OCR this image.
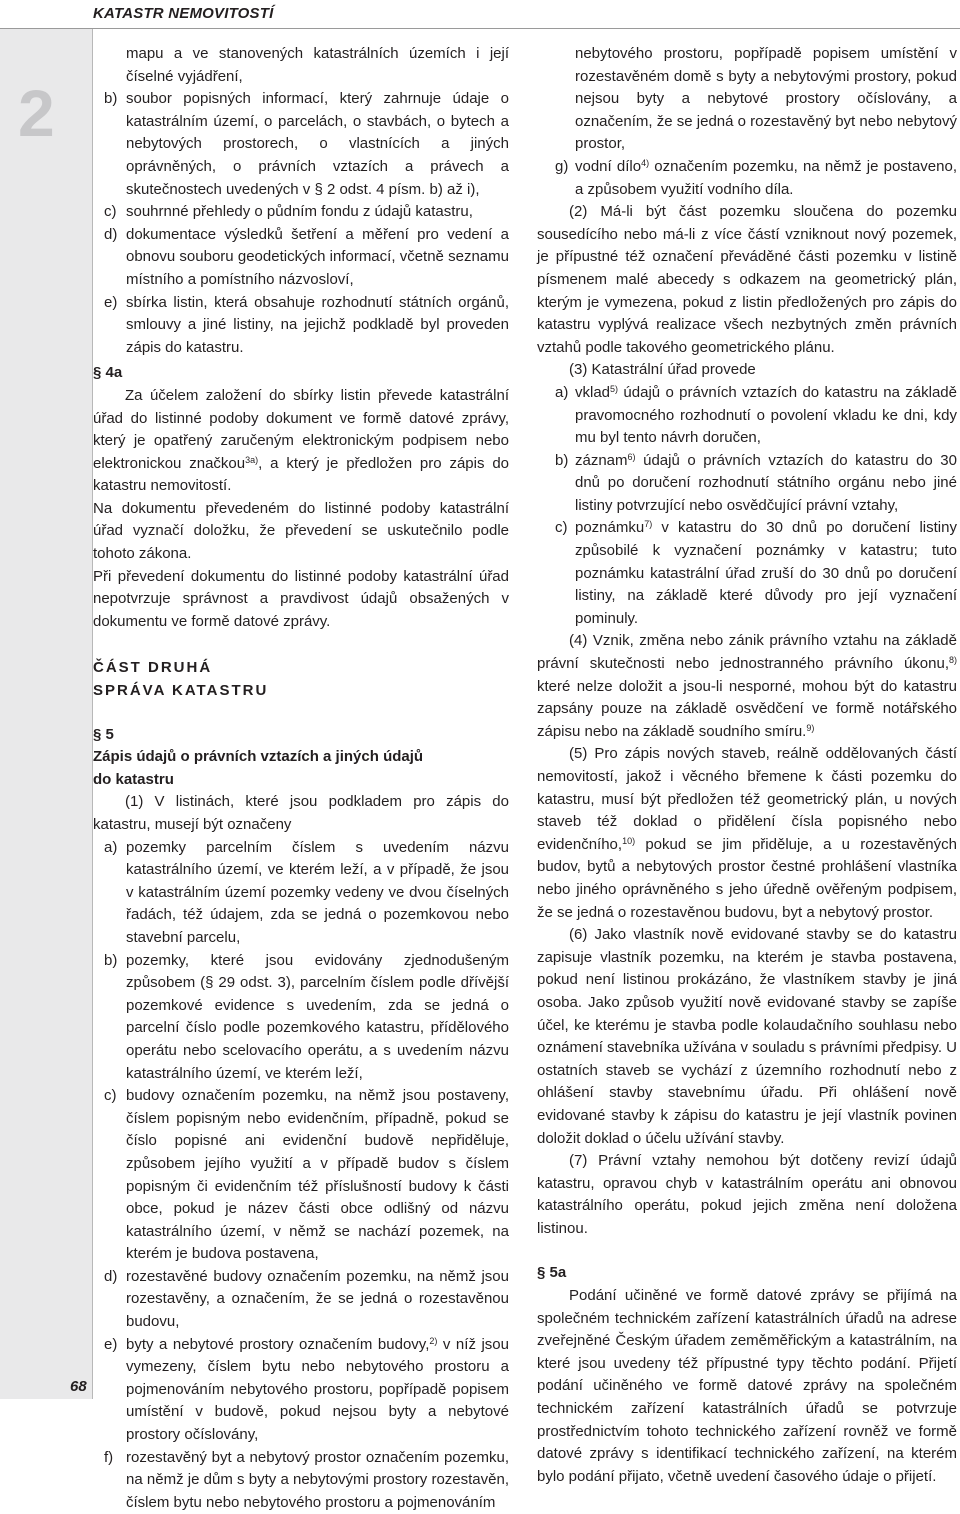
KATASTR NEMOVITOSTÍ
2
68

mapu a ve stanovených katastrálních územích i její číselné vyjádření,

b) soubor popisných informací, který zahrnuje údaje o katastrálním území, o parcelách, o stavbách, o bytech a nebytových prostorech, o vlastnících a jiných oprávněných, o právních vztazích a právech a skutečnostech uvedených v § 2 odst. 4 písm. b) až i),

c) souhrnné přehledy o půdním fondu z údajů katastru,

d) dokumentace výsledků šetření a měření pro vedení a obnovu souboru geodetických informací, včetně seznamu místního a pomístního názvosloví,

e) sbírka listin, která obsahuje rozhodnutí státních orgánů, smlouvy a jiné listiny, na jejichž podkladě byl proveden zápis do katastru.

§ 4a

Za účelem založení do sbírky listin převede katastrální úřad do listinné podoby dokument ve formě datové zprávy, který je opatřený zaručeným elektronickým podpisem nebo elektronickou značkou$^{3a)}$, a který je předložen pro zápis do katastru nemovitostí.

Na dokumentu převedeném do listinné podoby katastrální úřad vyznačí doložku, že převedení se uskutečnilo podle tohoto zákona.

Při převedení dokumentu do listinné podoby katastrální úřad nepotvrzuje správnost a pravdivost údajů obsažených v dokumentu ve formě datové zprávy.

ČÁST DRUHÁ

SPRÁVA KATASTRU

§ 5

Zápis údajů o právních vztazích a jiných údajů

do katastru

(1) V listinách, které jsou podkladem pro zápis do katastru, musejí být označeny

a) pozemky parcelním číslem s uvedením názvu katastrálního území, ve kterém leží, a v případě, že jsou v katastrálním území pozemky vedeny ve dvou číselných řadách, též údajem, zda se jedná o pozemkovou nebo stavební parcelu,

b) pozemky, které jsou evidovány zjednodušeným způsobem (§ 29 odst. 3), parcelním číslem podle dřívější pozemkové evidence s uvedením, zda se jedná o parcelní číslo podle pozemkového katastru, přídělového operátu nebo scelovacího operátu, a s uvedením názvu katastrálního území, ve kterém leží,

c) budovy označením pozemku, na němž jsou postaveny, číslem popisným nebo evidenčním, případně, pokud se číslo popisné ani evidenční budově nepřiděluje, způsobem jejího využití a v případě budov s číslem popisným či evidenčním též příslušností budovy k části obce, pokud je název části obce odlišný od názvu katastrálního území, v němž se nachází pozemek, na kterém je budova postavena,

d) rozestavěné budovy označením pozemku, na němž jsou rozestavěny, a označením, že se jedná o rozestavěnou budovu,

e) byty a nebytové prostory označením budovy,$^{2)}$ v níž jsou vymezeny, číslem bytu nebo nebytového prostoru a pojmenováním nebytového prostoru, popřípadě popisem umístění v budově, pokud nejsou byty a nebytové prostory očíslovány,

f) rozestavěný byt a nebytový prostor označením pozemku, na němž je dům s byty a nebytovými prostory rozestavěn, číslem bytu nebo nebytového prostoru a pojmenováním

nebytového prostoru, popřípadě popisem umístění v rozestavěném domě s byty a nebytovými prostory, pokud nejsou byty a nebytové prostory očíslovány, a označením, že se jedná o rozestavěný byt nebo nebytový prostor,

g) vodní dílo$^{4)}$ označením pozemku, na němž je postaveno, a způsobem využití vodního díla.

(2) Má-li být část pozemku sloučena do pozemku sousedícího nebo má-li z více částí vzniknout nový pozemek, je přípustné též označení převáděné části pozemku v listině písmenem malé abecedy s odkazem na geometrický plán, kterým je vymezena, pokud z listin předložených pro zápis do katastru vyplývá realizace všech nezbytných změn právních vztahů podle takového geometrického plánu.

(3) Katastrální úřad provede

a) vklad$^{5)}$ údajů o právních vztazích do katastru na základě pravomocného rozhodnutí o povolení vkladu ke dni, kdy mu byl tento návrh doručen,

b) záznam$^{6)}$ údajů o právních vztazích do katastru do 30 dnů po doručení rozhodnutí státního orgánu nebo jiné listiny potvrzující nebo osvědčující právní vztahy,

c) poznámku$^{7)}$ v katastru do 30 dnů po doručení listiny způsobilé k vyznačení poznámky v katastru; tuto poznámku katastrální úřad zruší do 30 dnů po doručení listiny, na základě které důvody pro její vyznačení pominuly.

(4) Vznik, změna nebo zánik právního vztahu na základě právní skutečnosti nebo jednostranného právního úkonu,$^{8)}$ které nelze doložit a jsou-li nesporné, mohou být do katastru zapsány pouze na základě osvědčení ve formě notářského zápisu nebo na základě soudního smíru.$^{9)}$

(5) Pro zápis nových staveb, reálně oddělovaných částí nemovitostí, jakož i věcného břemene k části pozemku do katastru, musí být předložen též geometrický plán, u nových staveb též doklad o přidělení čísla popisného nebo evidenčního,$^{10)}$ pokud se jim přiděluje, a u rozestavěných budov, bytů a nebytových prostor čestné prohlášení vlastníka nebo jiného oprávněného s jeho úředně ověřeným podpisem, že se jedná o rozestavěnou budovu, byt a nebytový prostor.

(6) Jako vlastník nově evidované stavby se do katastru zapisuje vlastník pozemku, na kterém je stavba postavena, pokud není listinou prokázáno, že vlastníkem stavby je jiná osoba. Jako způsob využití nově evidované stavby se zapíše účel, ke kterému je stavba podle kolaudačního souhlasu nebo oznámení stavebníka užívána v souladu s právními předpisy. U ostatních staveb se vychází z územního rozhodnutí nebo z ohlášení stavby stavebnímu úřadu. Při ohlášení nově evidované stavby k zápisu do katastru je její vlastník povinen doložit doklad o účelu užívání stavby.

(7) Právní vztahy nemohou být dotčeny revizí údajů katastru, opravou chyb v katastrálním operátu ani obnovou katastrálního operátu, pokud jejich změna není doložena listinou.

§ 5a

Podání učiněné ve formě datové zprávy se přijímá na společném technickém zařízení katastrálních úřadů na adrese zveřejněné Českým úřadem zeměměřickým a katastrálním, na které jsou uvedeny též přípustné typy těchto podání. Přijetí podání učiněného ve formě datové zprávy na společném technickém zařízení katastrálních úřadů se potvrzuje prostřednictvím tohoto technického zařízení rovněž ve formě datové zprávy s identifikací technického zařízení, na kterém bylo podání přijato, včetně uvedení časového údaje o přijetí.
